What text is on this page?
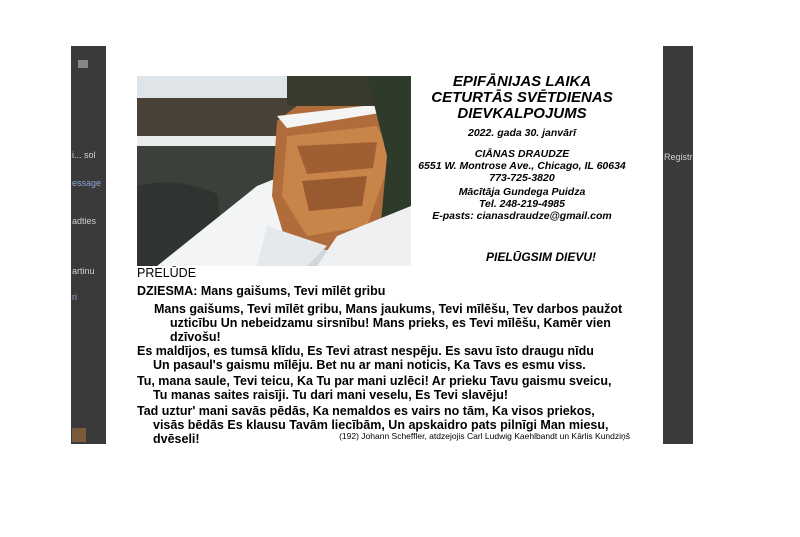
i... sol
essage
adties
artinu
ri
Registr
EPIFĀNIJAS LAIKA
CETURTĀS SVĒTDIENAS
DIEVKALPOJUMS
2022. gada 30. janvārī
CIĀNAS DRAUDZE
6551 W. Montrose Ave., Chicago, IL 60634
773-725-3820
Mācītāja Gundega Puidza
Tel. 248-219-4985
E-pasts: cianasdraudze@gmail.com
PIELŪGSIM DIEVU!
PRELŪDE
DZIESMA: Mans gaišums, Tevi mīlēt gribu
Mans gaišums, Tevi mīlēt gribu, Mans jaukums, Tevi mīlēšu, Tev darbos paužot
uzticību Un nebeidzamu sirsnību! Mans prieks, es Tevi mīlēšu, Kamēr vien
dzīvošu!
Es maldījos, es tumsā klīdu, Es Tevi atrast nespēju. Es savu īsto draugu nīdu
Un pasaul's gaismu mīlēju. Bet nu ar mani noticis, Ka Tavs es esmu viss.
Tu, mana saule, Tevi teicu, Ka Tu par mani uzlēci! Ar prieku Tavu gaismu sveicu,
Tu manas saites raisīji. Tu dari mani veselu, Es Tevi slavēju!
Tad uztur' mani savās pēdās, Ka nemaldos es vairs no tām, Ka visos priekos,
visās bēdās Es klausu Tavām liecībām, Un apskaidro pats pilnīgi Man miesu,
dvēseli!	(192) Johann Scheffler, atdzejojis Carl Ludwig Kaehlbandt un Kārlis Kundziņš
